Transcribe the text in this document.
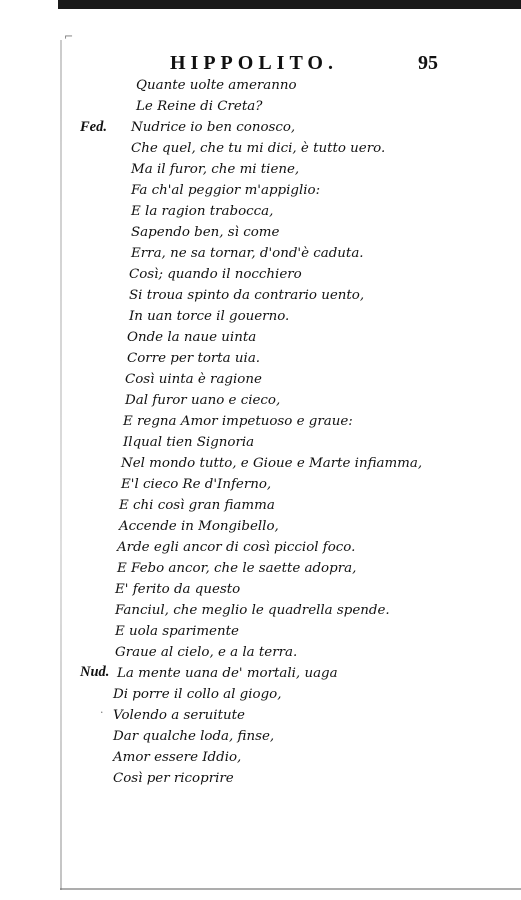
HIPPOLITO.	95
Fed.
Nud.
Quante uolte ameranno
Le Reine di Creta?
Nudrice io ben conosco,
Che quel, che tu mi dici, è tutto uero.
Ma il furor, che mi tiene,
Fa ch'al peggior m'appiglio:
E la ragion trabocca,
Sapendo ben, sì come
Erra, ne sa tornar, d'ond'è caduta.
Così; quando il nocchiero
Si troua spinto da contrario uento,
In uan torce il gouerno.
Onde la naue uinta
Corre per torta uia.
Così uinta è ragione
Dal furor uano e cieco,
E regna Amor impetuoso e graue:
Ilqual tien Signoria
Nel mondo tutto, e Gioue e Marte infiamma,
E'l cieco Re d'Inferno,
E chi così gran fiamma
Accende in Mongibello,
Arde egli ancor di così picciol foco.
E Febo ancor, che le saette adopra,
E' ferito da questo
Fanciul, che meglio le quadrella spende.
E uola sparimente
Graue al cielo, e a la terra.
La mente uana de' mortali, uaga
Di porre il collo al giogo,
Volendo a seruitute
Dar qualche loda, finse,
Amor essere Iddio,
Così per ricoprire
⌐
·
